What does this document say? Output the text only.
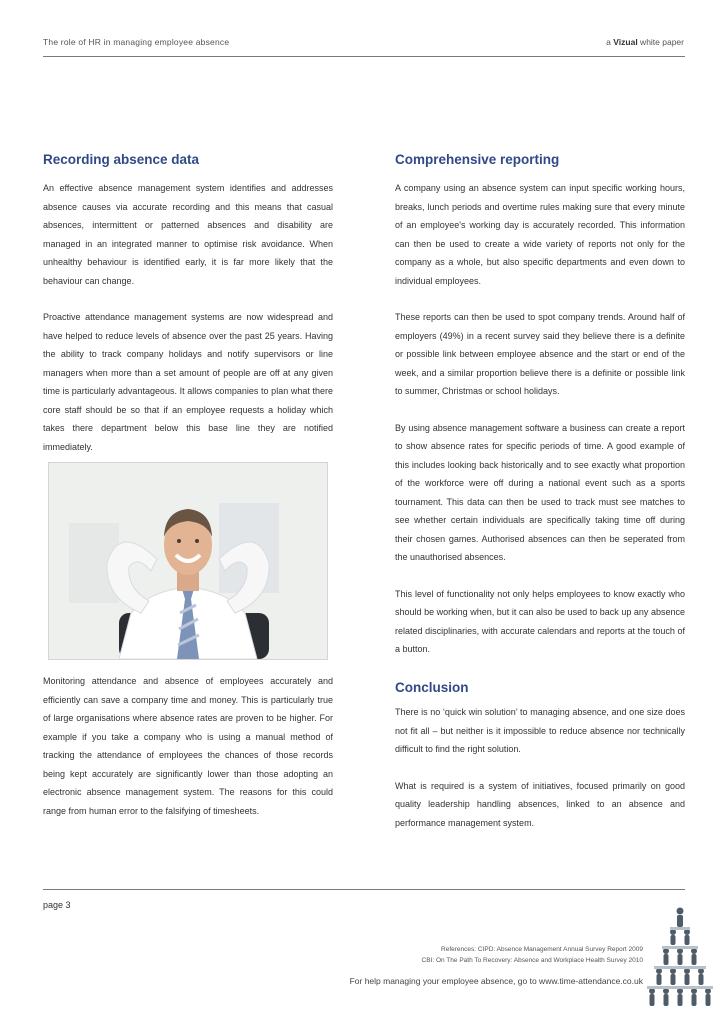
The role of HR in managing employee absence	a Vizual white paper
Recording absence data

An effective absence management system identifies and addresses absence causes via accurate recording and this means that casual absences, intermittent or patterned absences and disability are managed in an integrated manner to optimise risk avoidance. When unhealthy behaviour is identified early, it is far more likely that the behaviour can change.

Proactive attendance management systems are now widespread and have helped to reduce levels of absence over the past 25 years. Having the ability to track company holidays and notify supervisors or line managers when more than a set amount of people are off at any given time is particularly advantageous. It allows companies to plan what there core staff should be so that if an employee requests a holiday which takes there department below this base line they are notified immediately.

Monitoring attendance and absence of employees accurately and efficiently can save a company time and money. This is particularly true of large organisations where absence rates are proven to be higher. For example if you take a company who is using a manual method of tracking the attendance of employees the chances of those records being kept accurately are significantly lower than those adopting an electronic absence management system. The reasons for this could range from human error to the falsifying of timesheets.

Comprehensive reporting

A company using an absence system can input specific working hours, breaks, lunch periods and overtime rules making sure that every minute of an employee's working day is accurately recorded. This information can then be used to create a wide variety of reports not only for the company as a whole, but also specific departments and even down to individual employees.

These reports can then be used to spot company trends. Around half of employers (49%) in a recent survey said they believe there is a definite or possible link between employee absence and the start or end of the week, and a similar proportion believe there is a definite or possible link to summer, Christmas or school holidays.

By using absence management software a business can create a report to show absence rates for specific periods of time. A good example of this includes looking back historically and to see exactly what proportion of the workforce were off during a national event such as a sports tournament. This data can then be used to track must see matches to see whether certain individuals are specifically taking time off during their chosen games. Authorised absences can then be seperated from the unauthorised absences.

This level of functionality not only helps employees to know exactly who should be working when, but it can also be used to back up any absence related disciplinaries, with accurate calendars and reports at the touch of a button.

Conclusion

There is no ‘quick win solution’ to managing absence, and one size does not fit all – but neither is it impossible to reduce absence nor technically difficult to find the right solution.

What is required is a system of initiatives, focused primarily on good quality leadership handling absences, linked to an absence and performance management system.

page 3
References: CIPD: Absence Management Annual Survey Report 2009
CBI: On The Path To Recovery: Absence and Workplace Health Survey 2010
For help managing your employee absence, go to www.time-attendance.co.uk
